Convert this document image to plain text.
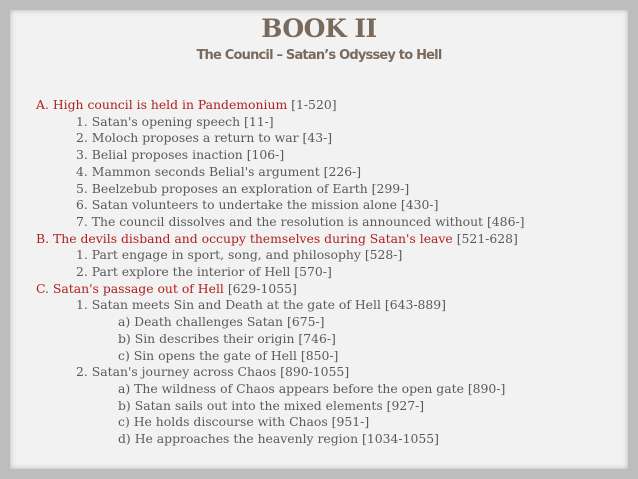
BOOK II
The Council – Satan’s Odyssey to Hell
A. High council is held in Pandemonium [1-520]
1. Satan's opening speech [11-]
2. Moloch proposes a return to war [43-]
3. Belial proposes inaction [106-]
4. Mammon seconds Belial's argument [226-]
5. Beelzebub proposes an exploration of Earth [299-]
6. Satan volunteers to undertake the mission alone [430-]
7. The council dissolves and the resolution is announced without [486-]
B. The devils disband and occupy themselves during Satan's leave [521-628]
1. Part engage in sport, song, and philosophy [528-]
2. Part explore the interior of Hell [570-]
C. Satan's passage out of Hell [629-1055]
1. Satan meets Sin and Death at the gate of Hell [643-889]
a) Death challenges Satan [675-]
b) Sin describes their origin [746-]
c) Sin opens the gate of Hell [850-]
2. Satan's journey across Chaos [890-1055]
a) The wildness of Chaos appears before the open gate [890-]
b) Satan sails out into the mixed elements [927-]
c) He holds discourse with Chaos [951-]
d) He approaches the heavenly region [1034-1055]
